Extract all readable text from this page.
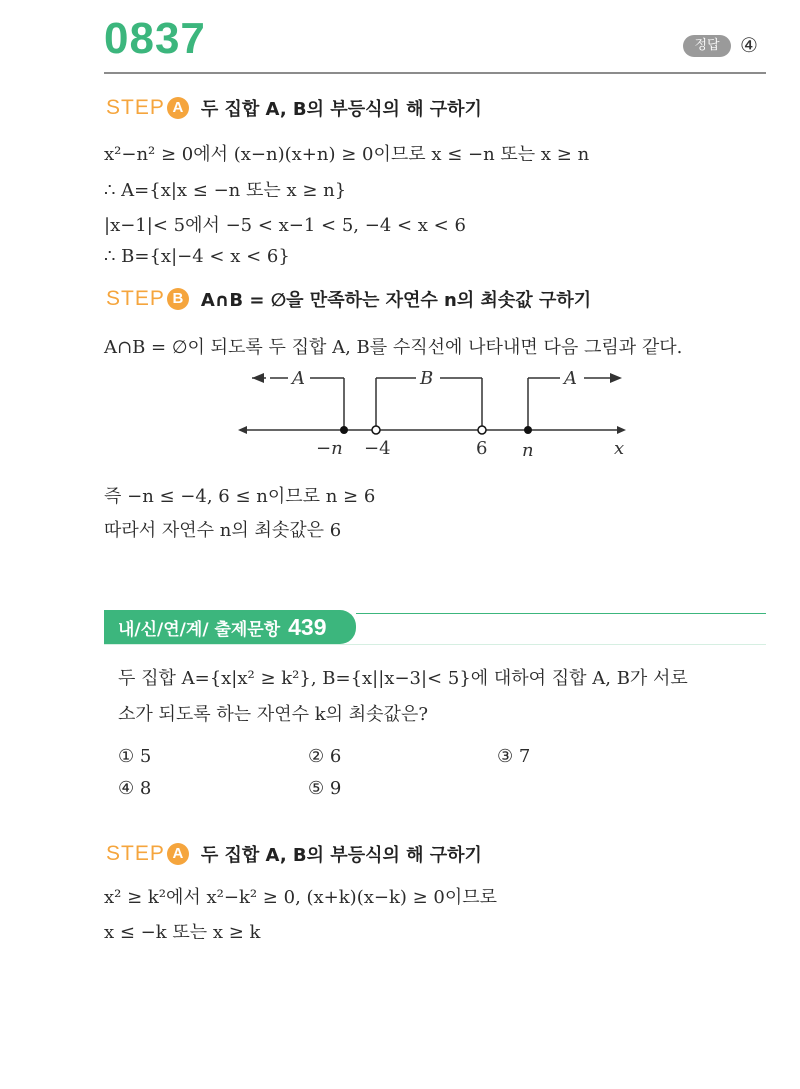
0837	정답	④
STEP A 두 집합 A, B의 부등식의 해 구하기
x²−n² ≥ 0에서 (x−n)(x+n) ≥ 0이므로 x ≤ −n 또는 x ≥ n
∴ A={x|x ≤ −n 또는 x ≥ n}
|x−1|< 5에서 −5 < x−1 < 5, −4 < x < 6
∴ B={x|−4 < x < 6}
STEP B A∩B = ∅을 만족하는 자연수 n의 최솟값 구하기
A∩B = ∅이 되도록 두 집합 A, B를 수직선에 나타내면 다음 그림과 같다.
A	B	A
−n −4	6 n	x
즉 −n ≤ −4, 6 ≤ n이므로 n ≥ 6
따라서 자연수 n의 최솟값은 6
내/신/연/계/ 출제문항 439
두 집합 A={x|x² ≥ k²}, B={x||x−3|< 5}에 대하여 집합 A, B가 서로
소가 되도록 하는 자연수 k의 최솟값은?
① 5	② 6	③ 7
④ 8	⑤ 9
STEP A 두 집합 A, B의 부등식의 해 구하기
x² ≥ k²에서 x²−k² ≥ 0, (x+k)(x−k) ≥ 0이므로
x ≤ −k 또는 x ≥ k
